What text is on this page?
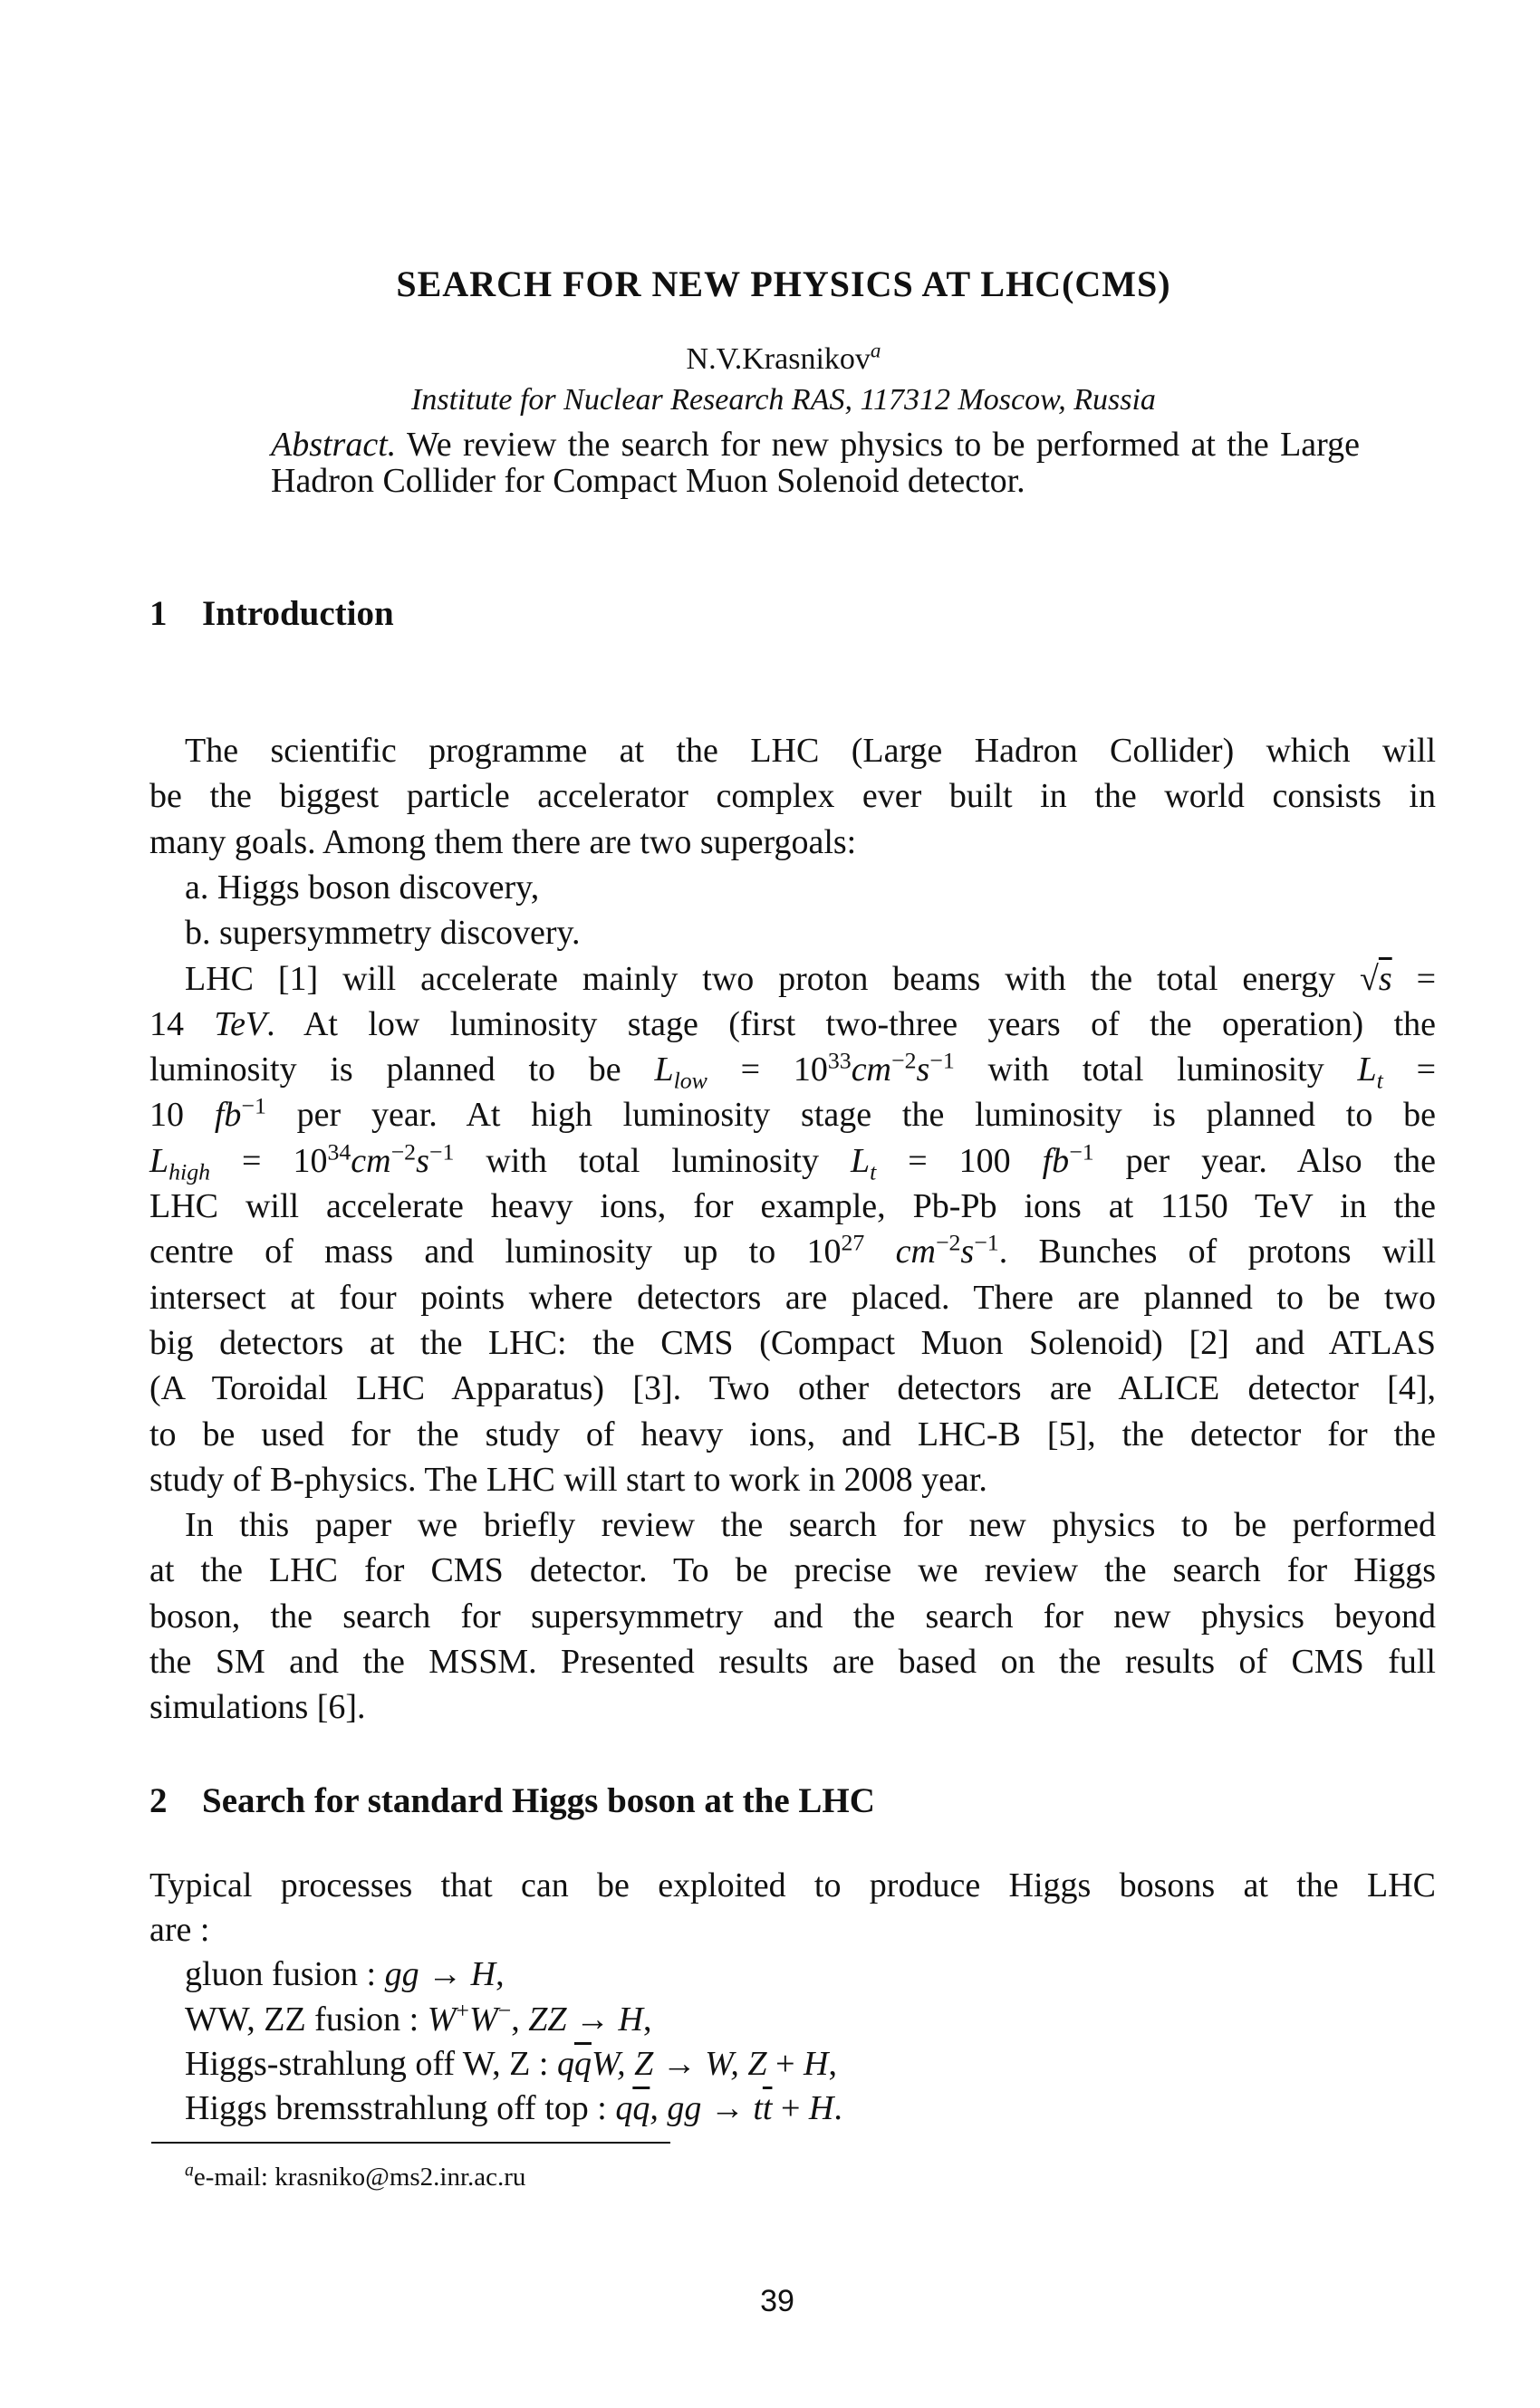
SEARCH FOR NEW PHYSICS AT LHC(CMS)
N.V.Krasnikov$^a$
Institute for Nuclear Research RAS, 117312 Moscow, Russia
Abstract. We review the search for new physics to be performed at the Large
Hadron Collider for Compact Muon Solenoid detector.
1 Introduction
The scientific programme at the LHC (Large Hadron Collider) which will
be the biggest particle accelerator complex ever built in the world consists in
many goals. Among them there are two supergoals:
a. Higgs boson discovery,
b. supersymmetry discovery.
LHC [1] will accelerate mainly two proton beams with the total energy √s =
14 TeV. At low luminosity stage (first two-three years of the operation) the
luminosity is planned to be $L_{low} = 10^{33}cm^{-2}s^{-1}$ with total luminosity $L_t$ =
10 $fb^{-1}$ per year. At high luminosity stage the luminosity is planned to be
$L_{high} = 10^{34}cm^{-2}s^{-1}$ with total luminosity $L_t = 100$ $fb^{-1}$ per year. Also the
LHC will accelerate heavy ions, for example, Pb-Pb ions at 1150 TeV in the
centre of mass and luminosity up to $10^{27}$ $cm^{-2}s^{-1}$. Bunches of protons will
intersect at four points where detectors are placed. There are planned to be two
big detectors at the LHC: the CMS (Compact Muon Solenoid) [2] and ATLAS
(A Toroidal LHC Apparatus) [3]. Two other detectors are ALICE detector [4],
to be used for the study of heavy ions, and LHC-B [5], the detector for the
study of B-physics. The LHC will start to work in 2008 year.
In this paper we briefly review the search for new physics to be performed
at the LHC for CMS detector. To be precise we review the search for Higgs
boson, the search for supersymmetry and the search for new physics beyond
the SM and the MSSM. Presented results are based on the results of CMS full
simulations [6].
2 Search for standard Higgs boson at the LHC
Typical processes that can be exploited to produce Higgs bosons at the LHC
are :
gluon fusion : gg → H,
WW, ZZ fusion : W+W−, ZZ → H,
Higgs-strahlung off W, Z : $q\overline{q}W$, Z → W, Z + H,
Higgs bremsstrahlung off top : $q\overline{q}$, gg → $t\overline{t} + H$.
$^a$e-mail: krasniko@ms2.inr.ac.ru
39
